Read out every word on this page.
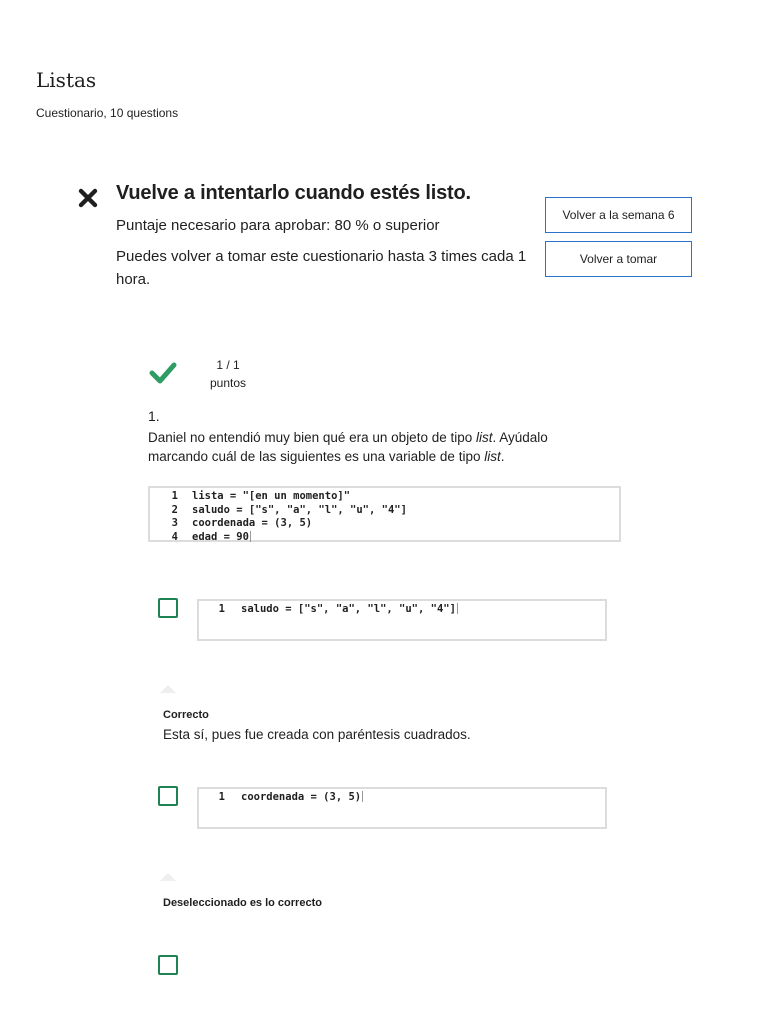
Listas
Cuestionario, 10 questions
Vuelve a intentarlo cuando estés listo.
Puntaje necesario para aprobar: 80 % o superior
Puedes volver a tomar este cuestionario hasta 3 times cada 1 hora.
Volver a la semana 6
Volver a tomar
1 / 1
puntos
1.
Daniel no entendió muy bien qué era un objeto de tipo list. Ayúdalo marcando cuál de las siguientes es una variable de tipo list.
1	lista = "[en un momento]"
2	saludo = ["s", "a", "l", "u", "4"]
3	coordenada = (3, 5)
4	edad = 90
1	saludo = ["s", "a", "l", "u", "4"]
Correcto
Esta sí, pues fue creada con paréntesis cuadrados.
1	coordenada = (3, 5)
Deseleccionado es lo correcto
